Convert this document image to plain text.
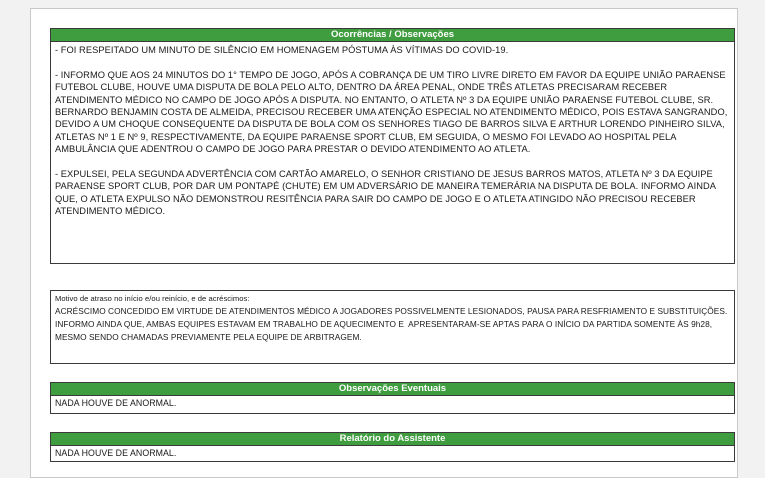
Ocorrências / Observações

- FOI RESPEITADO UM MINUTO DE SILÊNCIO EM HOMENAGEM PÓSTUMA ÀS VÍTIMAS DO COVID-19.

- INFORMO QUE AOS 24 MINUTOS DO 1° TEMPO DE JOGO, APÓS A COBRANÇA DE UM TIRO LIVRE DIRETO EM FAVOR DA EQUIPE UNIÃO PARAENSE FUTEBOL CLUBE, HOUVE UMA DISPUTA DE BOLA PELO ALTO, DENTRO DA ÁREA PENAL, ONDE TRÊS ATLETAS PRECISARAM RECEBER ATENDIMENTO MÉDICO NO CAMPO DE JOGO APÓS A DISPUTA. NO ENTANTO, O ATLETA Nº 3 DA EQUIPE UNIÃO PARAENSE FUTEBOL CLUBE, SR. BERNARDO BENJAMIN COSTA DE ALMEIDA, PRECISOU RECEBER UMA ATENÇÃO ESPECIAL NO ATENDIMENTO MÉDICO, POIS ESTAVA SANGRANDO, DEVIDO A UM CHOQUE CONSEQUENTE DA DISPUTA DE BOLA COM OS SENHORES TIAGO DE BARROS SILVA E ARTHUR LORENDO PINHEIRO SILVA, ATLETAS Nº 1 E Nº 9, RESPECTIVAMENTE, DA EQUIPE PARAENSE SPORT CLUB, EM SEGUIDA, O MESMO FOI LEVADO AO HOSPITAL PELA AMBULÂNCIA QUE ADENTROU O CAMPO DE JOGO PARA PRESTAR O DEVIDO ATENDIMENTO AO ATLETA.

- EXPULSEI, PELA SEGUNDA ADVERTÊNCIA COM CARTÃO AMARELO, O SENHOR CRISTIANO DE JESUS BARROS MATOS, ATLETA Nº 3 DA EQUIPE PARAENSE SPORT CLUB, POR DAR UM PONTAPÉ (CHUTE) EM UM ADVERSÁRIO DE MANEIRA TEMERÁRIA NA DISPUTA DE BOLA. INFORMO AINDA QUE, O ATLETA EXPULSO NÃO DEMONSTROU RESITÊNCIA PARA SAIR DO CAMPO DE JOGO E O ATLETA ATINGIDO NÃO PRECISOU RECEBER ATENDIMENTO MÉDICO.

Motivo de atraso no início e/ou reinício, e de acréscimos:

ACRÉSCIMO CONCEDIDO EM VIRTUDE DE ATENDIMENTOS MÉDICO A JOGADORES POSSIVELMENTE LESIONADOS, PAUSA PARA RESFRIAMENTO E SUBSTITUIÇÕES.

INFORMO AINDA QUE, AMBAS EQUIPES ESTAVAM EM TRABALHO DE AQUECIMENTO E  APRESENTARAM-SE APTAS PARA O INÍCIO DA PARTIDA SOMENTE ÀS 9h28, MESMO SENDO CHAMADAS PREVIAMENTE PELA EQUIPE DE ARBITRAGEM.

Observações Eventuais
NADA HOUVE DE ANORMAL.
Relatório do Assistente
NADA HOUVE DE ANORMAL.
